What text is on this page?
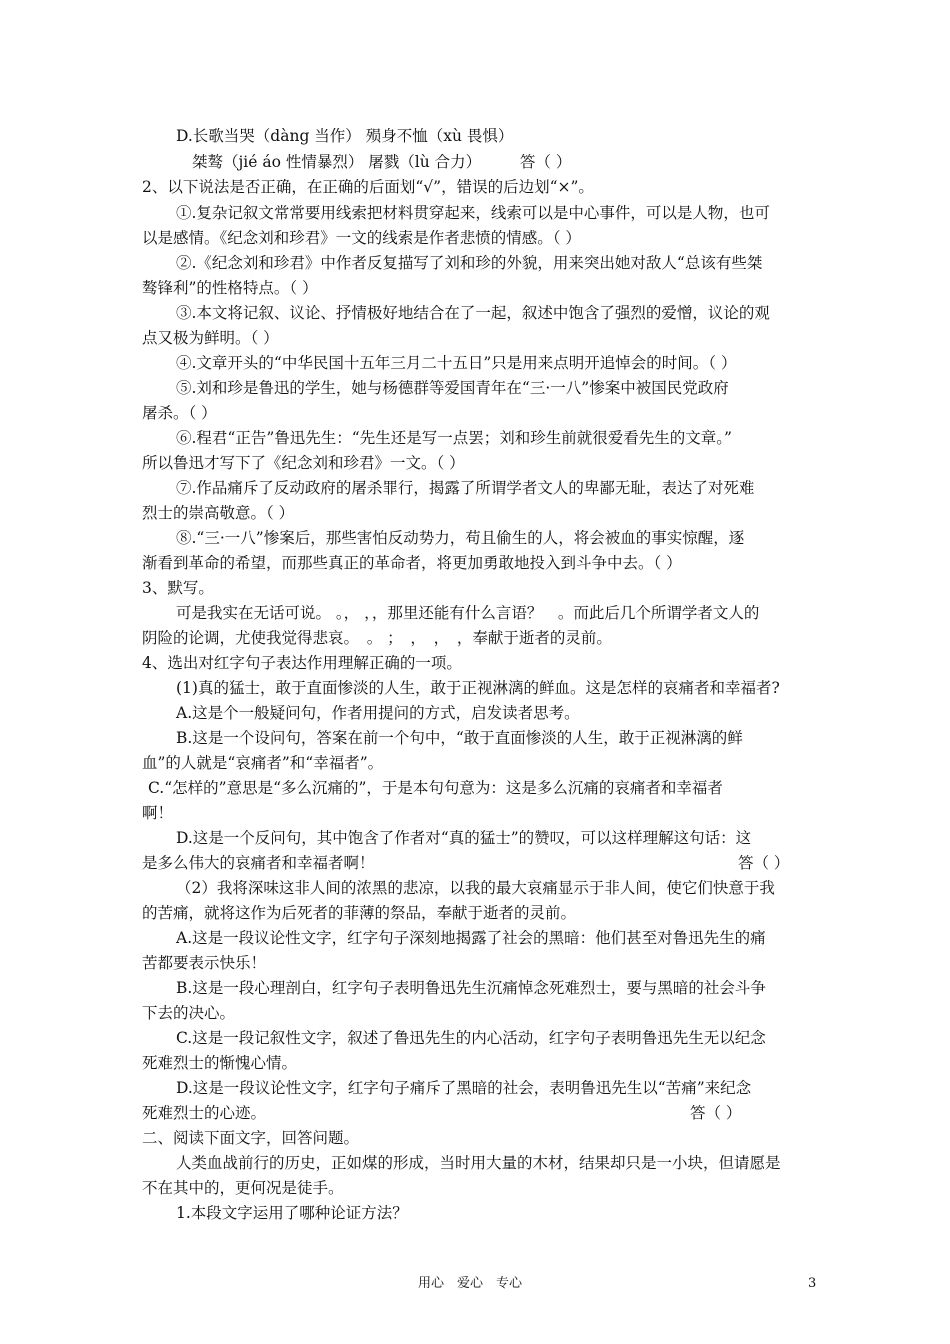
D.长歌当哭（dàng 当作） 殒身不恤（xù 畏惧）
桀骜（jié áo 性情暴烈） 屠戮（lù 合力）　　　答（ ）
2、以下说法是否正确，在正确的后面划“√”，错误的后边划“×”。
①.复杂记叙文常常要用线索把材料贯穿起来，线索可以是中心事件，可以是人物，也可
以是感情。《纪念刘和珍君》一文的线索是作者悲愤的情感。（ ）
②.《纪念刘和珍君》中作者反复描写了刘和珍的外貌，用来突出她对敌人“总该有些桀
骜锋利”的性格特点。（ ）
③.本文将记叙、议论、抒情极好地结合在了一起，叙述中饱含了强烈的爱憎，议论的观
点又极为鲜明。（ ）
④.文章开头的“中华民国十五年三月二十五日”只是用来点明开追悼会的时间。（ ）
⑤.刘和珍是鲁迅的学生，她与杨德群等爱国青年在“三·一八”惨案中被国民党政府
屠杀。（ ）
⑥.程君“正告”鲁迅先生：“先生还是写一点罢；刘和珍生前就很爱看先生的文章。”
所以鲁迅才写下了《纪念刘和珍君》一文。（ ）
⑦.作品痛斥了反动政府的屠杀罪行，揭露了所谓学者文人的卑鄙无耻，表达了对死难
烈士的崇高敬意。（ ）
⑧.“三·一八”惨案后，那些害怕反动势力，苟且偷生的人，将会被血的事实惊醒，逐
渐看到革命的希望，而那些真正的革命者，将更加勇敢地投入到斗争中去。（ ）
3、默写。
可是我实在无话可说。 。， ，，那里还能有什么言语？　。而此后几个所谓学者文人的
阴险的论调，尤使我觉得悲哀。　。 ；　，　，　，奉献于逝者的灵前。
4、选出对红字句子表达作用理解正确的一项。
(1)真的猛士，敢于直面惨淡的人生，敢于正视淋漓的鲜血。这是怎样的哀痛者和幸福者?
A.这是个一般疑问句，作者用提问的方式，启发读者思考。
B.这是一个设问句，答案在前一个句中，“敢于直面惨淡的人生，敢于正视淋漓的鲜
血”的人就是“哀痛者”和“幸福者”。
C.“怎样的”意思是“多么沉痛的”，于是本句句意为：这是多么沉痛的哀痛者和幸福者
啊！
D.这是一个反问句，其中饱含了作者对“真的猛士”的赞叹，可以这样理解这句话：这
是多么伟大的哀痛者和幸福者啊！	答（ ）
（2）我将深味这非人间的浓黑的悲凉，以我的最大哀痛显示于非人间，使它们快意于我
的苦痛，就将这作为后死者的菲薄的祭品，奉献于逝者的灵前。
A.这是一段议论性文字，红字句子深刻地揭露了社会的黑暗：他们甚至对鲁迅先生的痛
苦都要表示快乐！
B.这是一段心理剖白，红字句子表明鲁迅先生沉痛悼念死难烈士，要与黑暗的社会斗争
下去的决心。
C.这是一段记叙性文字，叙述了鲁迅先生的内心活动，红字句子表明鲁迅先生无以纪念
死难烈士的惭愧心情。
D.这是一段议论性文字，红字句子痛斥了黑暗的社会，表明鲁迅先生以“苦痛”来纪念
死难烈士的心迹。	答（ ）
二、阅读下面文字，回答问题。
人类血战前行的历史，正如煤的形成，当时用大量的木材，结果却只是一小块，但请愿是
不在其中的，更何况是徒手。
1.本段文字运用了哪种论证方法？
用心　爱心　专心	3
